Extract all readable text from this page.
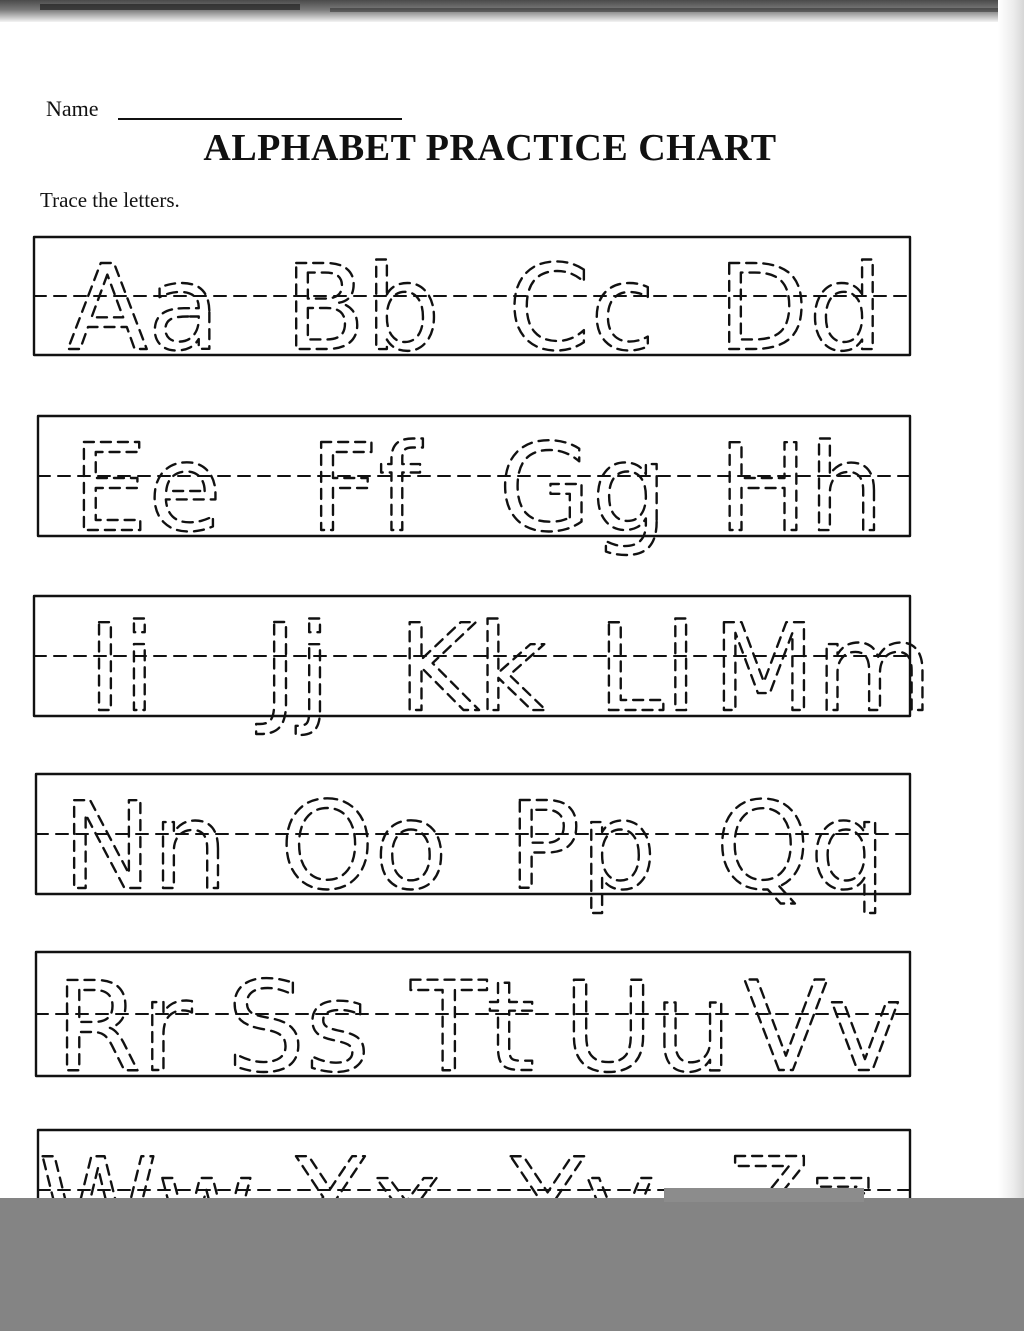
Name
ALPHABET PRACTICE CHART
Trace the letters.
Aa Bb Cc Dd
Ee Ff Gg Hh
Ii Jj Kk Ll Mm
Nn Oo Pp Qq
Rr Ss Tt Uu Vv
